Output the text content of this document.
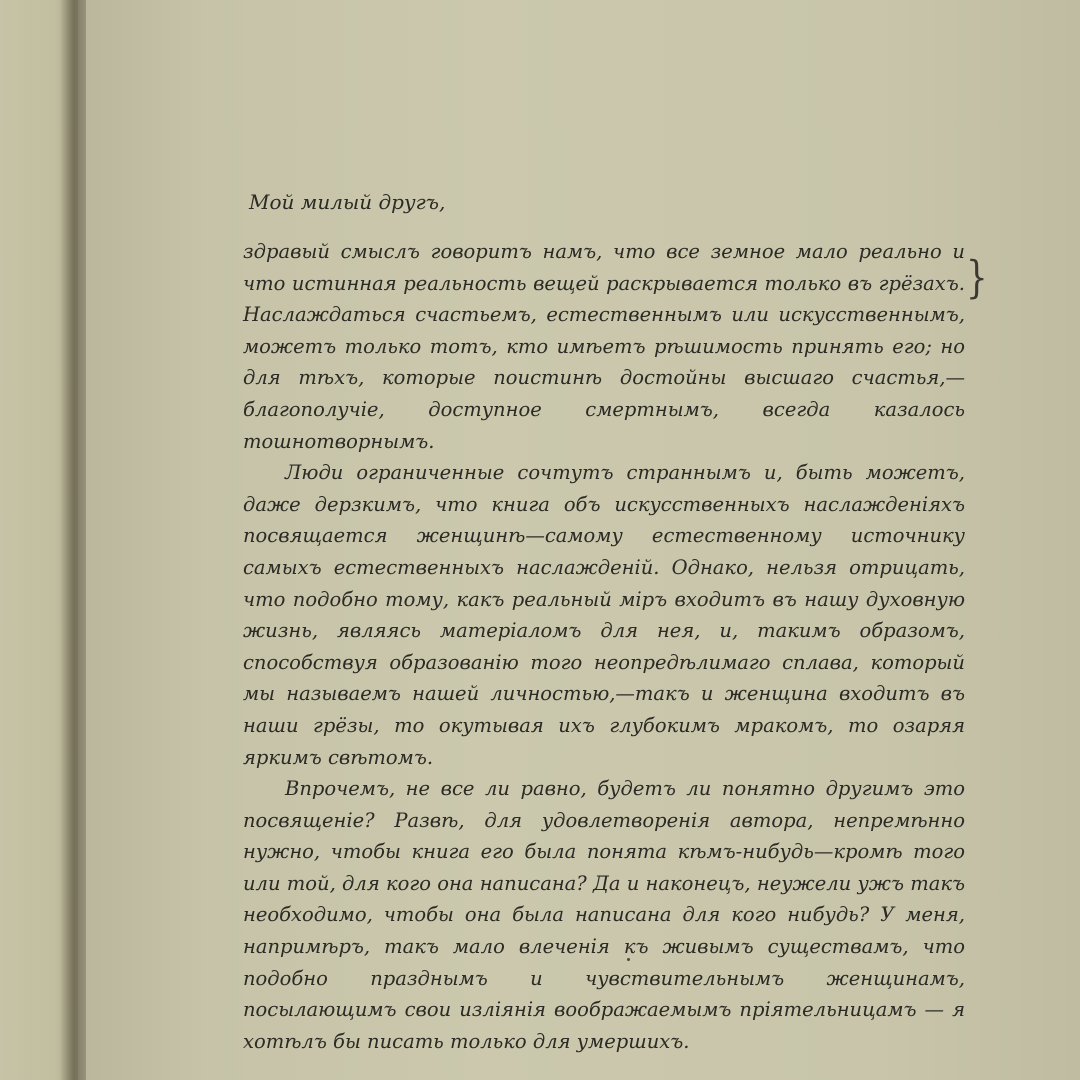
Мой милый другъ,

здравый смыслъ говоритъ намъ, что все земное мало реально и что истинная реальность вещей раскрывается только въ грёзахъ. Наслаждаться счастьемъ, естественнымъ или искусственнымъ, можетъ только тотъ, кто имѣетъ рѣшимость принять его; но для тѣхъ, которые поистинѣ достойны высшаго счастья,—благополучіе, доступное смертнымъ, всегда казалось тошнотворнымъ.

Люди ограниченные сочтутъ страннымъ и, быть можетъ, даже дерзкимъ, что книга объ искусственныхъ наслажденіяхъ посвящается женщинѣ—самому естественному источнику самыхъ естественныхъ наслажденій. Однако, нельзя отрицать, что подобно тому, какъ реальный міръ входитъ въ нашу духовную жизнь, являясь матеріаломъ для нея, и, такимъ образомъ, способствуя образованію того неопредѣлимаго сплава, который мы называемъ нашей личностью,—такъ и женщина входитъ въ наши грёзы, то окутывая ихъ глубокимъ мракомъ, то озаряя яркимъ свѣтомъ.

Впрочемъ, не все ли равно, будетъ ли понятно другимъ это посвященіе? Развѣ, для удовлетворенія автора, непремѣнно нужно, чтобы книга его была понята кѣмъ-нибудь—кромѣ того или той, для кого она написана? Да и наконецъ, неужели ужъ такъ необходимо, чтобы она была написана для кого нибудь? У меня, напримѣръ, такъ мало влеченія къ живымъ существамъ, что подобно празднымъ и чувствительнымъ женщинамъ, посылающимъ свои изліянія воображаемымъ пріятельницамъ — я хотѣлъ бы писать только для умершихъ.

}
